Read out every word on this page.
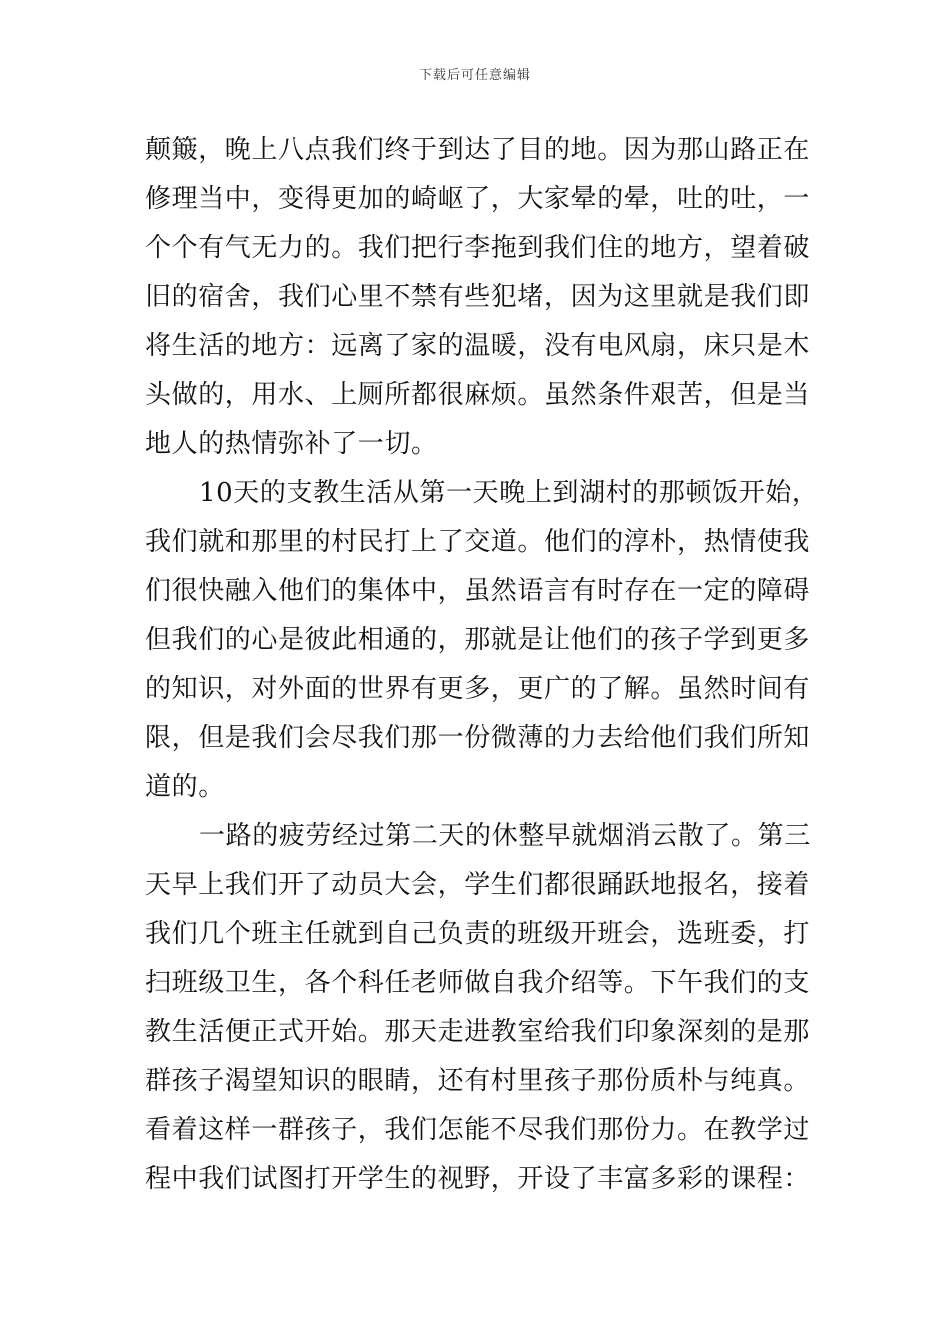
下载后可任意编辑
颠簸，晚上八点我们终于到达了目的地。因为那山路正在
修理当中，变得更加的崎岖了，大家晕的晕，吐的吐，一
个个有气无力的。我们把行李拖到我们住的地方，望着破
旧的宿舍，我们心里不禁有些犯堵，因为这里就是我们即
将生活的地方：远离了家的温暖，没有电风扇，床只是木
头做的，用水、上厕所都很麻烦。虽然条件艰苦，但是当
地人的热情弥补了一切。
10天的支教生活从第一天晚上到湖村的那顿饭开始，
我们就和那里的村民打上了交道。他们的淳朴，热情使我
们很快融入他们的集体中，虽然语言有时存在一定的障碍
但我们的心是彼此相通的，那就是让他们的孩子学到更多
的知识，对外面的世界有更多，更广的了解。虽然时间有
限，但是我们会尽我们那一份微薄的力去给他们我们所知
道的。
一路的疲劳经过第二天的休整早就烟消云散了。第三
天早上我们开了动员大会，学生们都很踊跃地报名，接着
我们几个班主任就到自己负责的班级开班会，选班委，打
扫班级卫生，各个科任老师做自我介绍等。下午我们的支
教生活便正式开始。那天走进教室给我们印象深刻的是那
群孩子渴望知识的眼睛，还有村里孩子那份质朴与纯真。
看着这样一群孩子，我们怎能不尽我们那份力。在教学过
程中我们试图打开学生的视野，开设了丰富多彩的课程：
